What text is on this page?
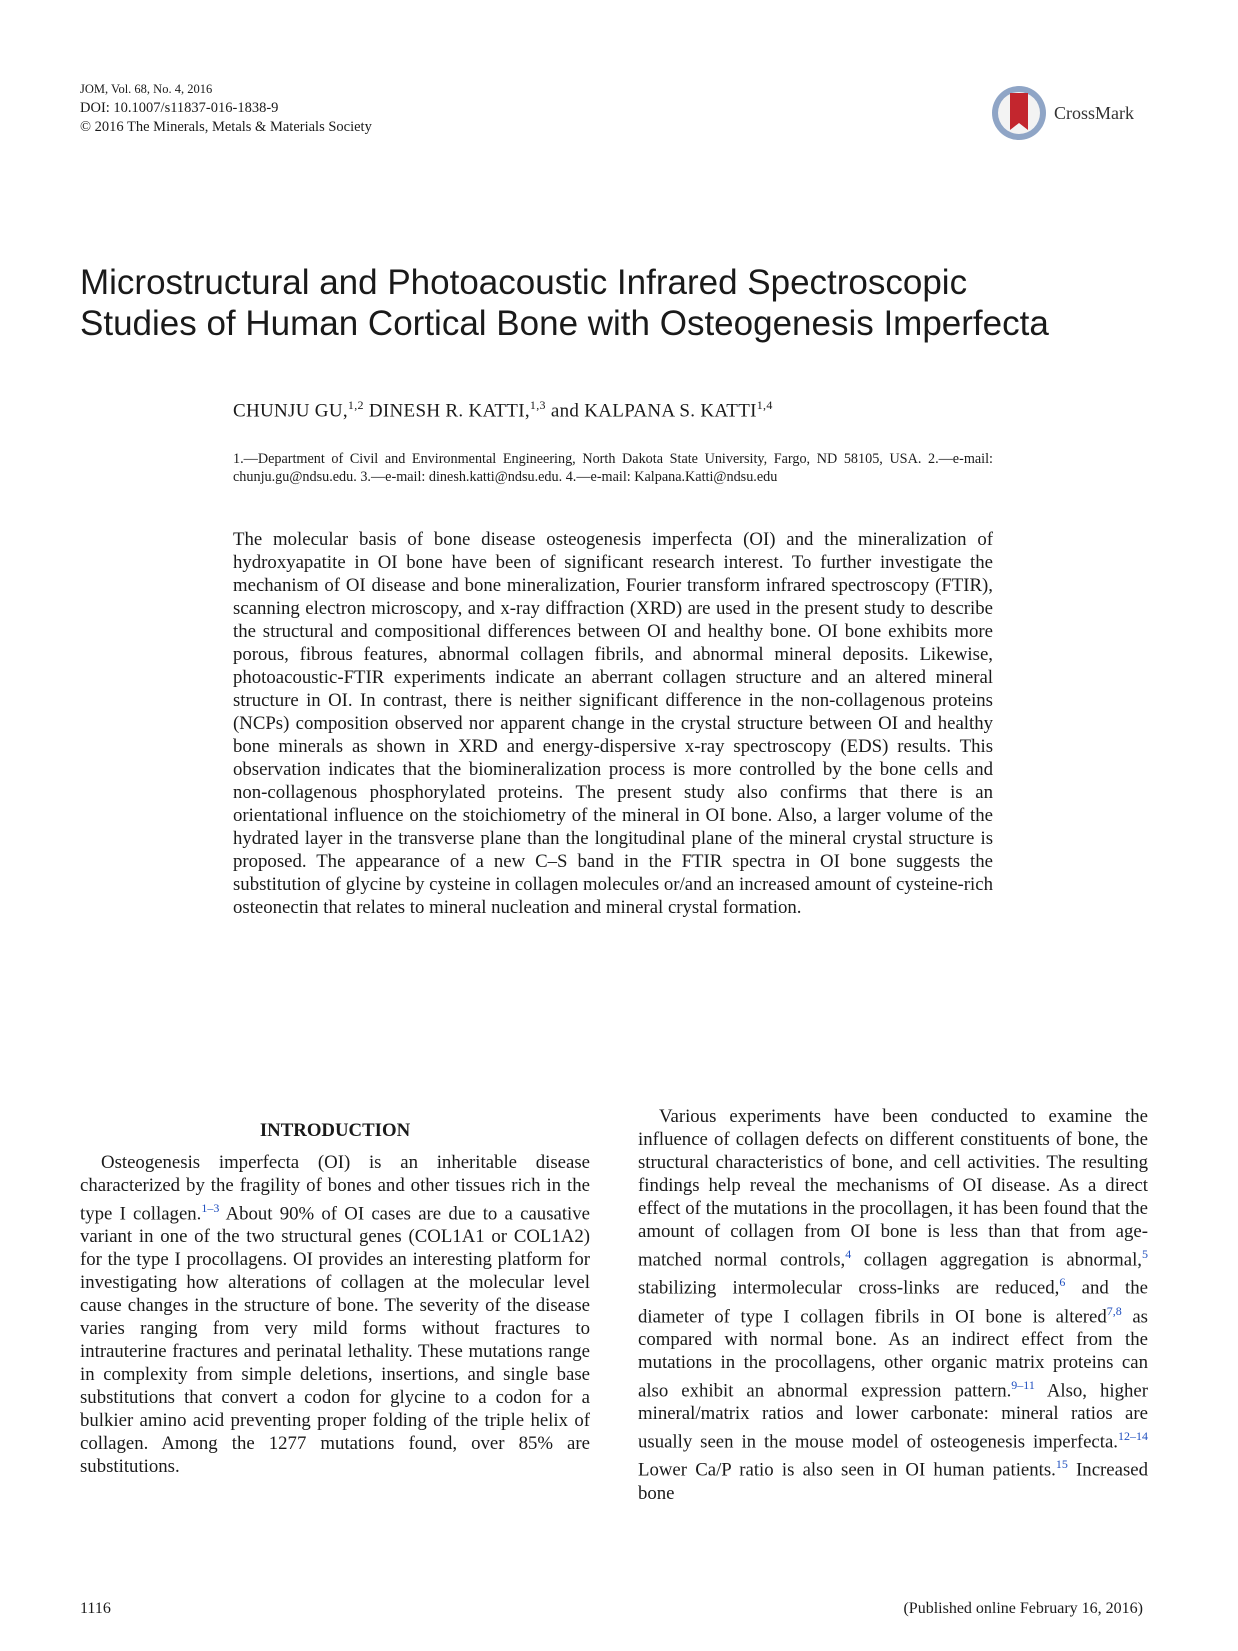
JOM, Vol. 68, No. 4, 2016
DOI: 10.1007/s11837-016-1838-9
© 2016 The Minerals, Metals & Materials Society
CrossMark
Microstructural and Photoacoustic Infrared Spectroscopic
Studies of Human Cortical Bone with Osteogenesis Imperfecta
CHUNJU GU,$^{1,2}$ DINESH R. KATTI,$^{1,3}$ and KALPANA S. KATTI$^{1,4}$
1.—Department of Civil and Environmental Engineering, North Dakota State University, Fargo, ND 58105, USA. 2.—e-mail: chunju.gu@ndsu.edu. 3.—e-mail: dinesh.katti@ndsu.edu. 4.—e-mail: Kalpana.Katti@ndsu.edu
The molecular basis of bone disease osteogenesis imperfecta (OI) and the mineralization of hydroxyapatite in OI bone have been of significant research interest. To further investigate the mechanism of OI disease and bone mineralization, Fourier transform infrared spectroscopy (FTIR), scanning electron microscopy, and x-ray diffraction (XRD) are used in the present study to describe the structural and compositional differences between OI and healthy bone. OI bone exhibits more porous, fibrous features, abnormal collagen fibrils, and abnormal mineral deposits. Likewise, photoacoustic-FTIR experiments indicate an aberrant collagen structure and an altered mineral structure in OI. In contrast, there is neither significant difference in the non-collagenous proteins (NCPs) composition observed nor apparent change in the crystal structure between OI and healthy bone minerals as shown in XRD and energy-dispersive x-ray spectroscopy (EDS) results. This observation indicates that the biomineralization process is more controlled by the bone cells and non-collagenous phosphorylated proteins. The present study also confirms that there is an orientational influence on the stoichiometry of the mineral in OI bone. Also, a larger volume of the hydrated layer in the transverse plane than the longitudinal plane of the mineral crystal structure is proposed. The appearance of a new C–S band in the FTIR spectra in OI bone suggests the substitution of glycine by cysteine in collagen molecules or/and an increased amount of cysteine-rich osteonectin that relates to mineral nucleation and mineral crystal formation.
INTRODUCTION

Osteogenesis imperfecta (OI) is an inheritable disease characterized by the fragility of bones and other tissues rich in the type I collagen.$^{1-3}$ About 90% of OI cases are due to a causative variant in one of the two structural genes (COL1A1 or COL1A2) for the type I procollagens. OI provides an interesting platform for investigating how alterations of collagen at the molecular level cause changes in the structure of bone. The severity of the disease varies ranging from very mild forms without fractures to intrauterine fractures and perinatal lethality. These mutations range in complexity from simple deletions, insertions, and single base substitutions that convert a codon for glycine to a codon for a bulkier amino acid preventing proper folding of the triple helix of collagen. Among the 1277 mutations found, over 85% are substitutions.

Various experiments have been conducted to examine the influence of collagen defects on different constituents of bone, the structural characteristics of bone, and cell activities. The resulting findings help reveal the mechanisms of OI disease. As a direct effect of the mutations in the procollagen, it has been found that the amount of collagen from OI bone is less than that from age-matched normal controls,$^4$ collagen aggregation is abnormal,$^5$ stabilizing intermolecular cross-links are reduced,$^6$ and the diameter of type I collagen fibrils in OI bone is altered$^{7,8}$ as compared with normal bone. As an indirect effect from the mutations in the procollagens, other organic matrix proteins can also exhibit an abnormal expression pattern.$^{9-11}$ Also, higher mineral/matrix ratios and lower carbonate: mineral ratios are usually seen in the mouse model of osteogenesis imperfecta.$^{12-14}$ Lower Ca/P ratio is also seen in OI human patients.$^{15}$ Increased bone

1116	(Published online February 16, 2016)
